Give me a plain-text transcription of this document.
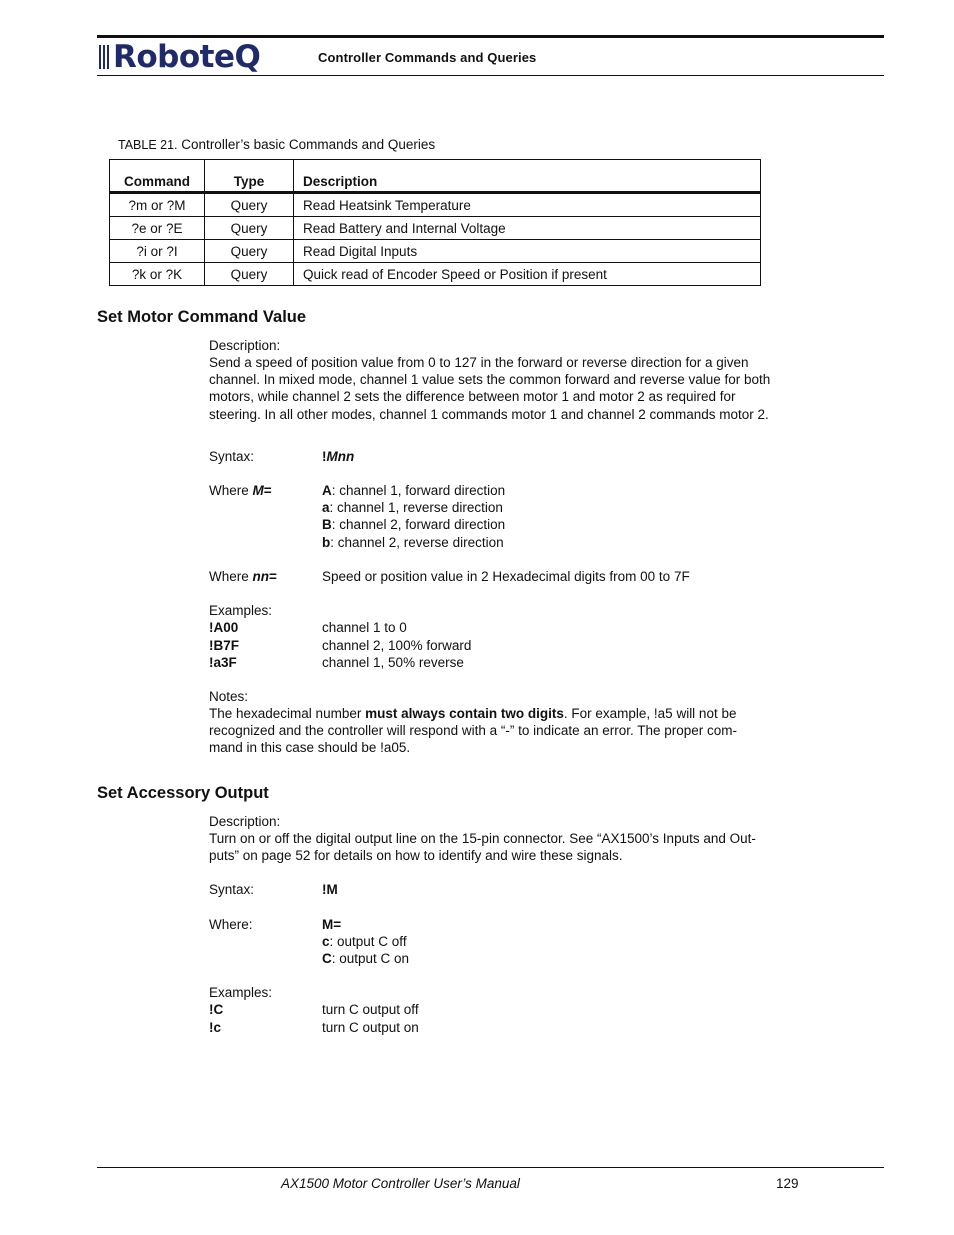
RoboteQ	Controller Commands and Queries
TABLE 21. Controller’s basic Commands and Queries
Command	Type	Description
?m or ?M	Query	Read Heatsink Temperature
?e or ?E	Query	Read Battery and Internal Voltage
?i or ?I	Query	Read Digital Inputs
?k or ?K	Query	Quick read of Encoder Speed or Position if present
Set Motor Command Value
Description:
Send a speed of position value from 0 to 127 in the forward or reverse direction for a given channel. In mixed mode, channel 1 value sets the common forward and reverse value for both motors, while channel 2 sets the difference between motor 1 and motor 2 as required for steering. In all other modes, channel 1 commands motor 1 and channel 2 commands motor 2.
Syntax:	!Mnn
Where M=	A: channel 1, forward direction
a: channel 1, reverse direction
B: channel 2, forward direction
b: channel 2, reverse direction
Where nn=	Speed or position value in 2 Hexadecimal digits from 00 to 7F
Examples:
!A00	channel 1 to 0
!B7F	channel 2, 100% forward
!a3F	channel 1, 50% reverse
Notes:
The hexadecimal number must always contain two digits. For example, !a5 will not be
recognized and the controller will respond with a “-” to indicate an error. The proper com-
mand in this case should be !a05.
Set Accessory Output
Description:
Turn on or off the digital output line on the 15-pin connector. See “AX1500’s Inputs and Out-
puts” on page 52 for details on how to identify and wire these signals.
Syntax:	!M
Where:	M=
c: output C off
C: output C on
Examples:
!C	turn C output off
!c	turn C output on
AX1500 Motor Controller User’s Manual	129
